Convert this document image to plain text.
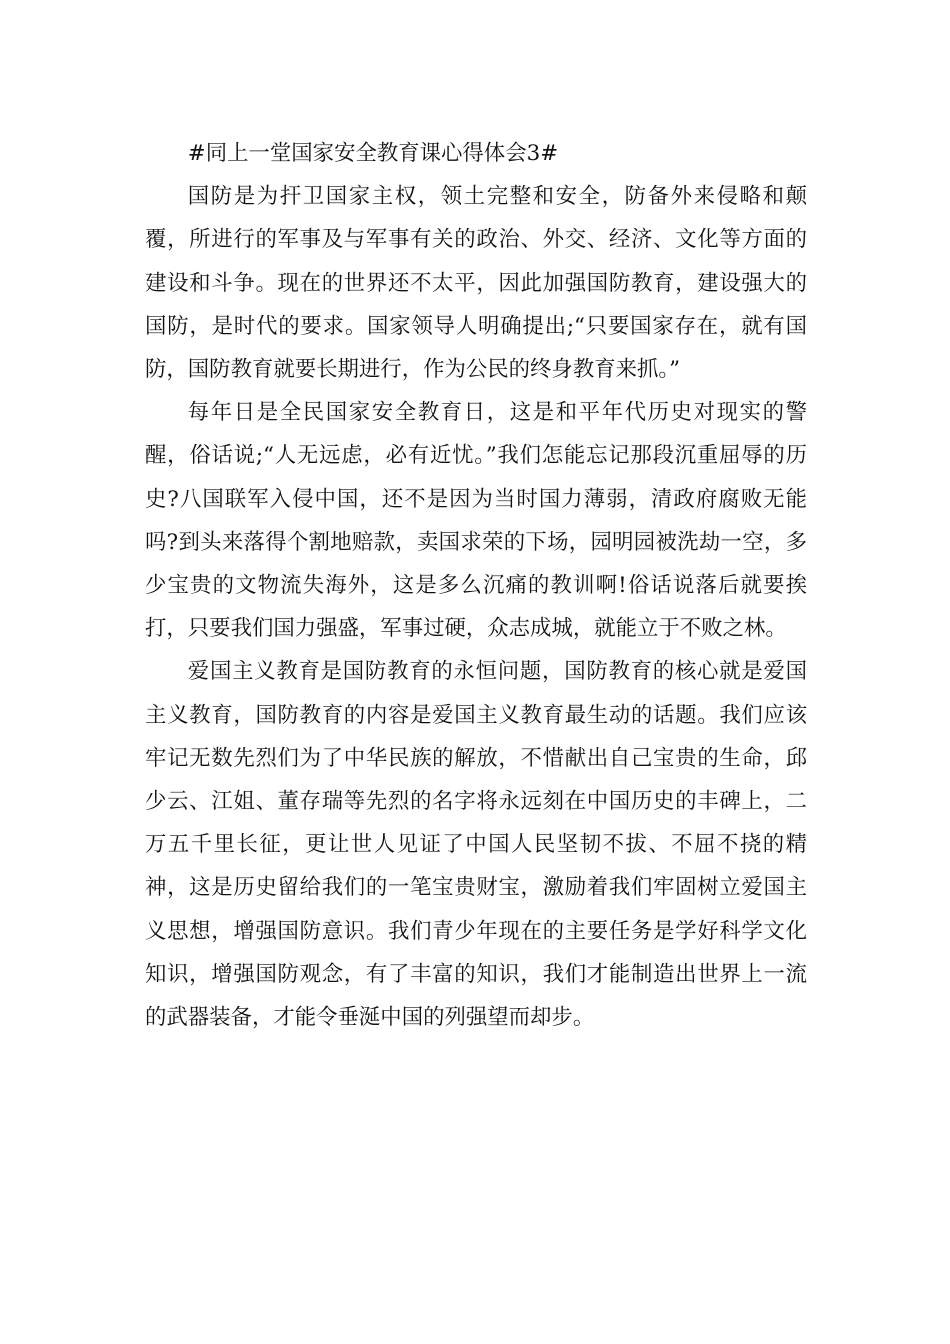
#同上一堂国家安全教育课心得体会3#

国防是为扞卫国家主权，领土完整和安全，防备外来侵略和颠覆，所进行的军事及与军事有关的政治、外交、经济、文化等方面的建设和斗争。现在的世界还不太平，因此加强国防教育，建设强大的国防，是时代的要求。国家领导人明确提出;“只要国家存在，就有国防，国防教育就要长期进行，作为公民的终身教育来抓。”

每年日是全民国家安全教育日，这是和平年代历史对现实的警醒，俗话说;“人无远虑，必有近忧。”我们怎能忘记那段沉重屈辱的历史?八国联军入侵中国，还不是因为当时国力薄弱，清政府腐败无能吗?到头来落得个割地赔款，卖国求荣的下场，园明园被洗劫一空，多少宝贵的文物流失海外，这是多么沉痛的教训啊!俗话说落后就要挨打，只要我们国力强盛，军事过硬，众志成城，就能立于不败之林。

爱国主义教育是国防教育的永恒问题，国防教育的核心就是爱国主义教育，国防教育的内容是爱国主义教育最生动的话题。我们应该牢记无数先烈们为了中华民族的解放，不惜献出自己宝贵的生命，邱少云、江姐、董存瑞等先烈的名字将永远刻在中国历史的丰碑上，二万五千里长征，更让世人见证了中国人民坚韧不拔、不屈不挠的精神，这是历史留给我们的一笔宝贵财宝，激励着我们牢固树立爱国主义思想，增强国防意识。我们青少年现在的主要任务是学好科学文化知识，增强国防观念，有了丰富的知识，我们才能制造出世界上一流的武器装备，才能令垂涎中国的列强望而却步。
